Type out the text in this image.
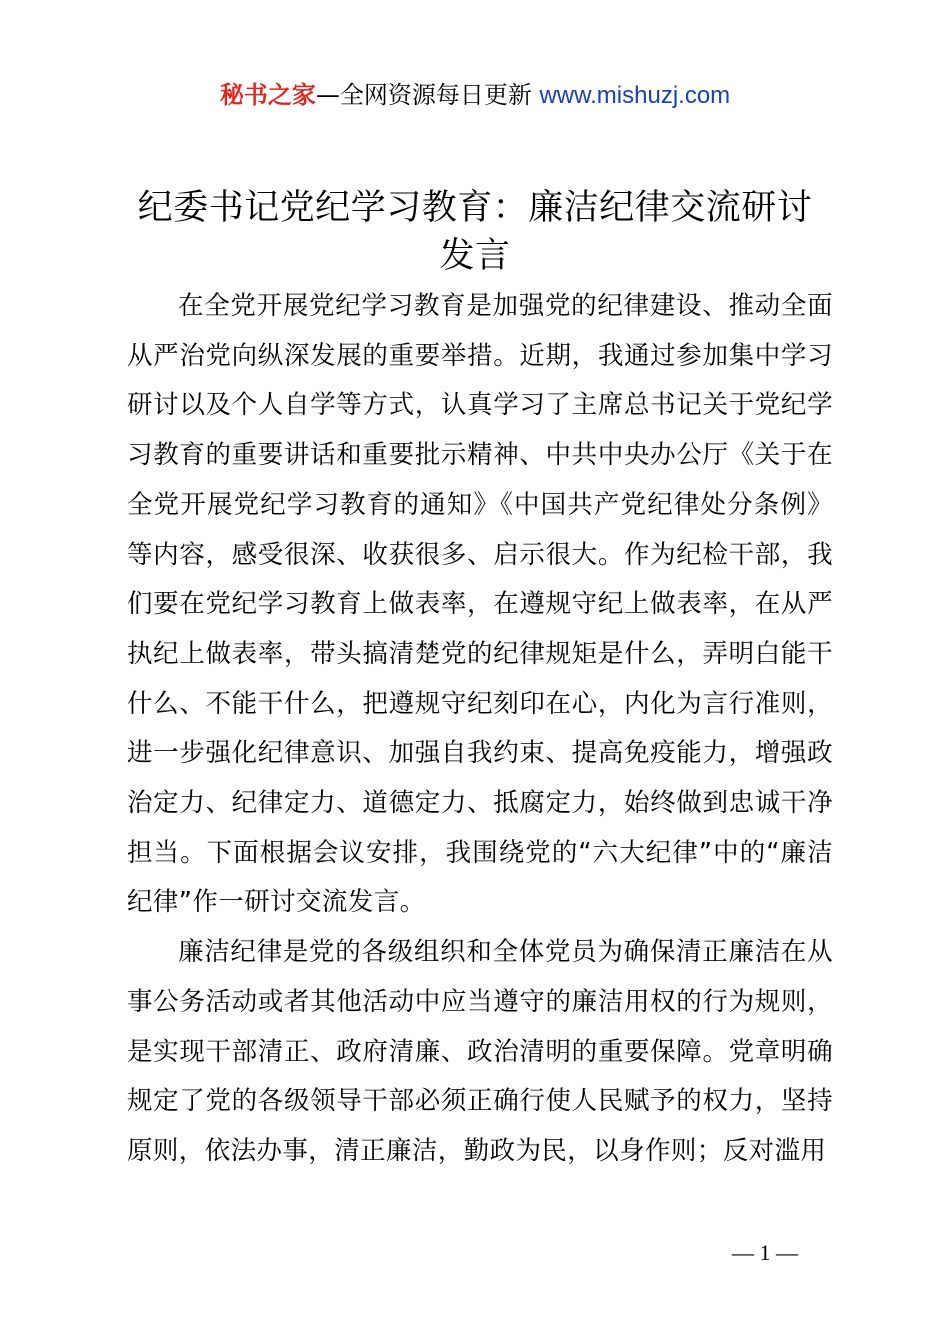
秘书之家—全网资源每日更新 www.mishuzj.com
纪委书记党纪学习教育：廉洁纪律交流研讨
发言

在全党开展党纪学习教育是加强党的纪律建设、推动全面从严治党向纵深发展的重要举措。近期，我通过参加集中学习研讨以及个人自学等方式，认真学习了主席总书记关于党纪学习教育的重要讲话和重要批示精神、中共中央办公厅《关于在全党开展党纪学习教育的通知》《中国共产党纪律处分条例》等内容，感受很深、收获很多、启示很大。作为纪检干部，我们要在党纪学习教育上做表率，在遵规守纪上做表率，在从严执纪上做表率，带头搞清楚党的纪律规矩是什么，弄明白能干什么、不能干什么，把遵规守纪刻印在心，内化为言行准则，进一步强化纪律意识、加强自我约束、提高免疫能力，增强政治定力、纪律定力、道德定力、抵腐定力，始终做到忠诚干净担当。下面根据会议安排，我围绕党的“六大纪律”中的“廉洁纪律”作一研讨交流发言。

廉洁纪律是党的各级组织和全体党员为确保清正廉洁在从事公务活动或者其他活动中应当遵守的廉洁用权的行为规则，是实现干部清正、政府清廉、政治清明的重要保障。党章明确规定了党的各级领导干部必须正确行使人民赋予的权力，坚持原则，依法办事，清正廉洁，勤政为民，以身作则；反对滥用

— 1 —
